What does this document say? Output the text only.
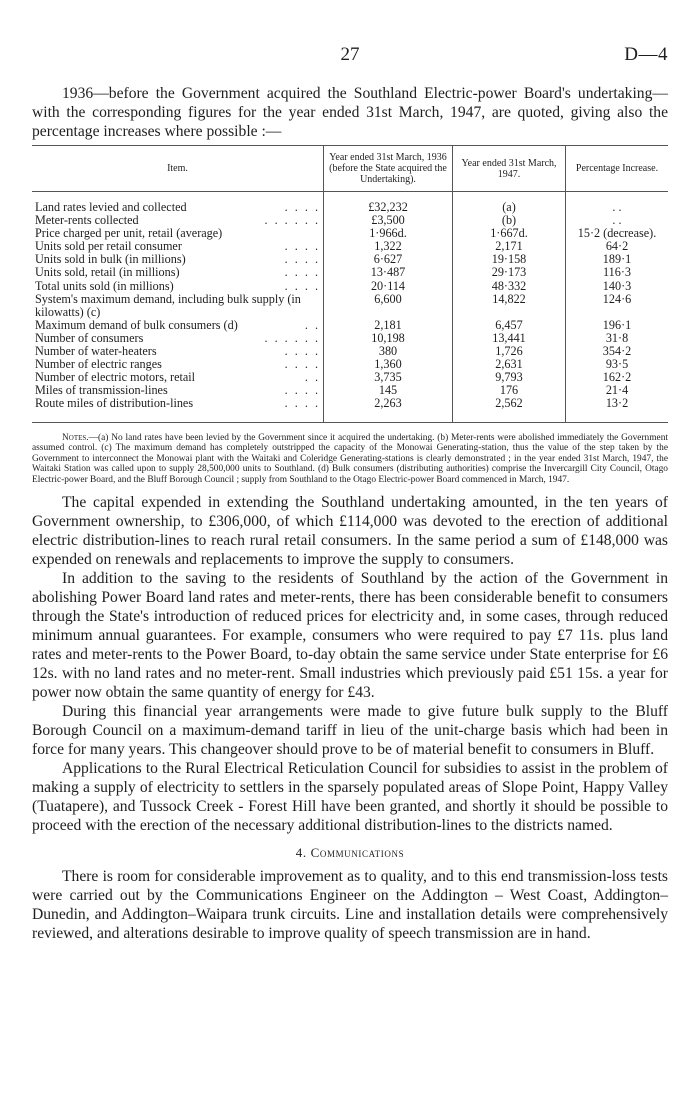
27	D—4

1936—before the Government acquired the Southland Electric-power Board's undertaking—with the corresponding figures for the year ended 31st March, 1947, are quoted, giving also the percentage increases where possible :—

Item.	Year ended 31st March, 1936 (before the State acquired the Undertaking).	Year ended 31st March, 1947.	Percentage Increase.
Land rates levied and collected . . . .	£32,232	(a)	. .
Meter-rents collected . . . . . .	£3,500	(b)	. .
Price charged per unit, retail (average)	1·966d.	1·667d.	15·2 (decrease).
Units sold per retail consumer . . . .	1,322	2,171	64·2
Units sold in bulk (in millions) . . . .	6·627	19·158	189·1
Units sold, retail (in millions) . . . .	13·487	29·173	116·3
Total units sold (in millions) . . . .	20·114	48·332	140·3
System's maximum demand, including bulk supply (in kilowatts) (c)	6,600	14,822	124·6
Maximum demand of bulk consumers (d) . .	2,181	6,457	196·1
Number of consumers . . . . . .	10,198	13,441	31·8
Number of water-heaters . . . .	380	1,726	354·2
Number of electric ranges . . . .	1,360	2,631	93·5
Number of electric motors, retail . .	3,735	9,793	162·2
Miles of transmission-lines . . . .	145	176	21·4
Route miles of distribution-lines . . . .	2,263	2,562	13·2

Notes.—(a) No land rates have been levied by the Government since it acquired the undertaking. (b) Meter-rents were abolished immediately the Government assumed control. (c) The maximum demand has completely outstripped the capacity of the Monowai Generating-station, thus the value of the step taken by the Government to interconnect the Monowai plant with the Waitaki and Coleridge Generating-stations is clearly demonstrated ; in the year ended 31st March, 1947, the Waitaki Station was called upon to supply 28,500,000 units to Southland. (d) Bulk consumers (distributing authorities) comprise the Invercargill City Council, Otago Electric-power Board, and the Bluff Borough Council ; supply from Southland to the Otago Electric-power Board commenced in March, 1947.

The capital expended in extending the Southland undertaking amounted, in the ten years of Government ownership, to £306,000, of which £114,000 was devoted to the erection of additional electric distribution-lines to reach rural retail consumers. In the same period a sum of £148,000 was expended on renewals and replacements to improve the supply to consumers.

In addition to the saving to the residents of Southland by the action of the Government in abolishing Power Board land rates and meter-rents, there has been considerable benefit to consumers through the State's introduction of reduced prices for electricity and, in some cases, through reduced minimum annual guarantees. For example, consumers who were required to pay £7 11s. plus land rates and meter-rents to the Power Board, to-day obtain the same service under State enterprise for £6 12s. with no land rates and no meter-rent. Small industries which previously paid £51 15s. a year for power now obtain the same quantity of energy for £43.

During this financial year arrangements were made to give future bulk supply to the Bluff Borough Council on a maximum-demand tariff in lieu of the unit-charge basis which had been in force for many years. This changeover should prove to be of material benefit to consumers in Bluff.

Applications to the Rural Electrical Reticulation Council for subsidies to assist in the problem of making a supply of electricity to settlers in the sparsely populated areas of Slope Point, Happy Valley (Tuatapere), and Tussock Creek - Forest Hill have been granted, and shortly it should be possible to proceed with the erection of the necessary additional distribution-lines to the districts named.

4. Communications

There is room for considerable improvement as to quality, and to this end transmission-loss tests were carried out by the Communications Engineer on the Addington – West Coast, Addington–Dunedin, and Addington–Waipara trunk circuits. Line and installation details were comprehensively reviewed, and alterations desirable to improve quality of speech transmission are in hand.
